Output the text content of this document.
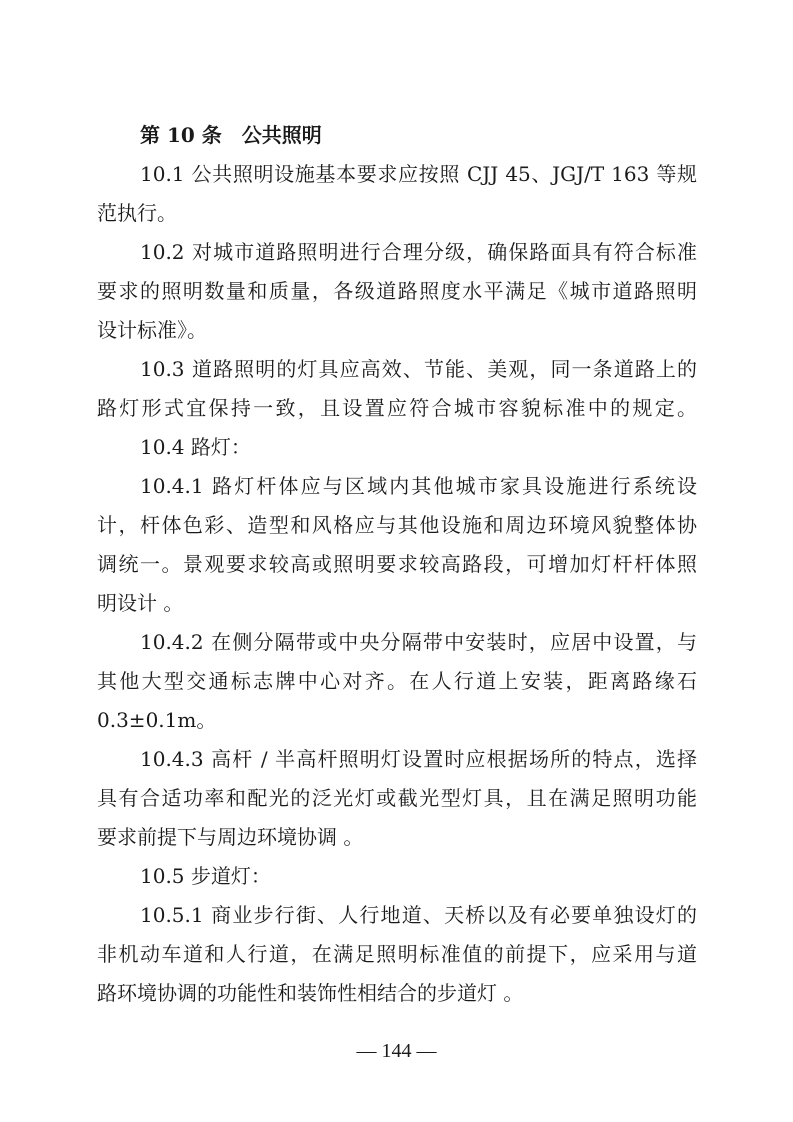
第 10 条　公共照明
10.1 公共照明设施基本要求应按照 CJJ 45、JGJ/T 163 等规
范执行。
10.2 对城市道路照明进行合理分级，确保路面具有符合标准
要求的照明数量和质量，各级道路照度水平满足《城市道路照明
设计标准》。
10.3 道路照明的灯具应高效、节能、美观，同一条道路上的
路灯形式宜保持一致，且设置应符合城市容貌标准中的规定。
10.4 路灯：
10.4.1 路灯杆体应与区域内其他城市家具设施进行系统设
计，杆体色彩、造型和风格应与其他设施和周边环境风貌整体协
调统一。景观要求较高或照明要求较高路段，可增加灯杆杆体照
明设计 。
10.4.2 在侧分隔带或中央分隔带中安装时，应居中设置，与
其他大型交通标志牌中心对齐。在人行道上安装，距离路缘石
0.3±0.1m。
10.4.3 高杆 / 半高杆照明灯设置时应根据场所的特点，选择
具有合适功率和配光的泛光灯或截光型灯具，且在满足照明功能
要求前提下与周边环境协调 。
10.5 步道灯：
10.5.1 商业步行街、人行地道、天桥以及有必要单独设灯的
非机动车道和人行道，在满足照明标准值的前提下，应采用与道
路环境协调的功能性和装饰性相结合的步道灯 。
— 144 —
